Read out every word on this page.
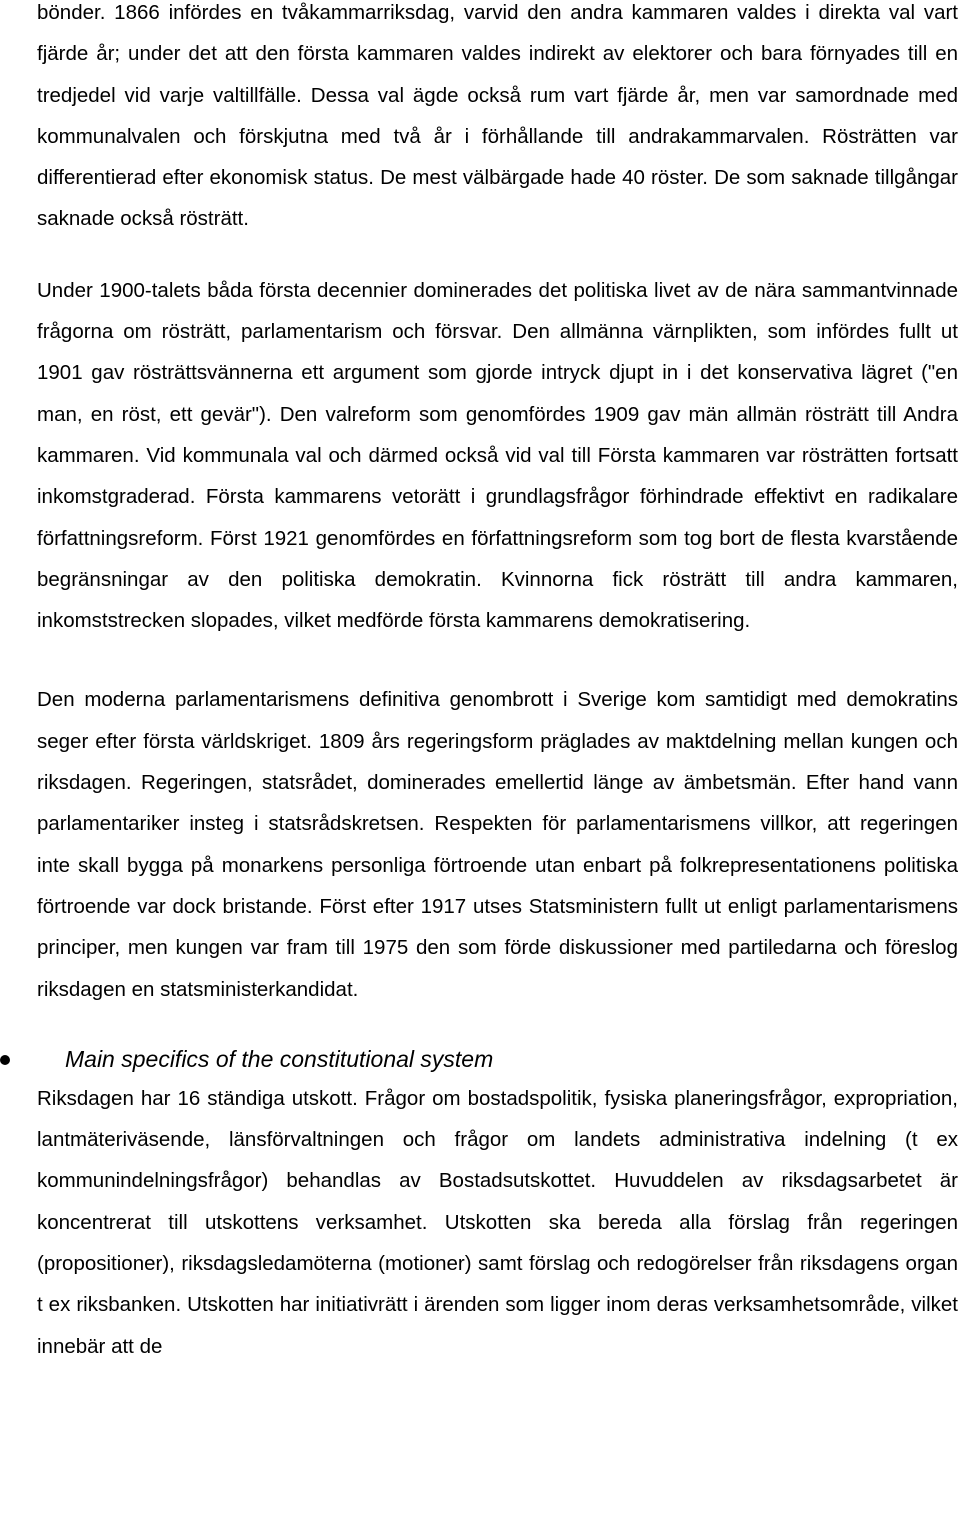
bönder. 1866 infördes en tvåkammarriksdag, varvid den andra kammaren valdes i direkta val vart fjärde år; under det att den första kammaren valdes indirekt av elektorer och bara förnyades till en tredjedel vid varje valtillfälle. Dessa val ägde också rum vart fjärde år, men var samordnade med kommunalvalen och förskjutna med två år i förhållande till andrakammarvalen. Rösträtten var differentierad efter ekonomisk status. De mest välbärgade hade 40 röster. De som saknade tillgångar saknade också rösträtt.

Under 1900-talets båda första decennier dominerades det politiska livet av de nära sammantvinnade frågorna om rösträtt, parlamentarism och försvar. Den allmänna värnplikten, som infördes fullt ut 1901 gav rösträttsvännerna ett argument som gjorde intryck djupt in i det konservativa lägret ("en man, en röst, ett gevär"). Den valreform som genomfördes 1909 gav män allmän rösträtt till Andra kammaren. Vid kommunala val och därmed också vid val till Första kammaren var rösträtten fortsatt inkomstgraderad. Första kammarens vetorätt i grundlagsfrågor förhindrade effektivt en radikalare författningsreform. Först 1921 genomfördes en författningsreform som tog bort de flesta kvarstående begränsningar av den politiska demokratin. Kvinnorna fick rösträtt till andra kammaren, inkomststrecken slopades, vilket medförde första kammarens demokratisering.

Den moderna parlamentarismens definitiva genombrott i Sverige kom samtidigt med demokratins seger efter första världskriget. 1809 års regeringsform präglades av maktdelning mellan kungen och riksdagen. Regeringen, statsrådet, dominerades emellertid länge av ämbetsmän. Efter hand vann parlamentariker insteg i statsrådskretsen. Respekten för parlamentarismens villkor, att regeringen inte skall bygga på monarkens personliga förtroende utan enbart på folkrepresentationens politiska förtroende var dock bristande. Först efter 1917 utses Statsministern fullt ut enligt parlamentarismens principer, men kungen var fram till 1975 den som förde diskussioner med partiledarna och föreslog riksdagen en statsministerkandidat.

Main specifics of the constitutional system

Riksdagen har 16 ständiga utskott. Frågor om bostadspolitik, fysiska planeringsfrågor, expropriation, lantmäteriväsende, länsförvaltningen och frågor om landets administrativa indelning (t ex kommunindelningsfrågor) behandlas av Bostadsutskottet. Huvuddelen av riksdagsarbetet är koncentrerat till utskottens verksamhet. Utskotten ska bereda alla förslag från regeringen (propositioner), riksdagsledamöterna (motioner) samt förslag och redogörelser från riksdagens organ t ex riksbanken. Utskotten har initiativrätt i ärenden som ligger inom deras verksamhetsområde, vilket innebär att de
